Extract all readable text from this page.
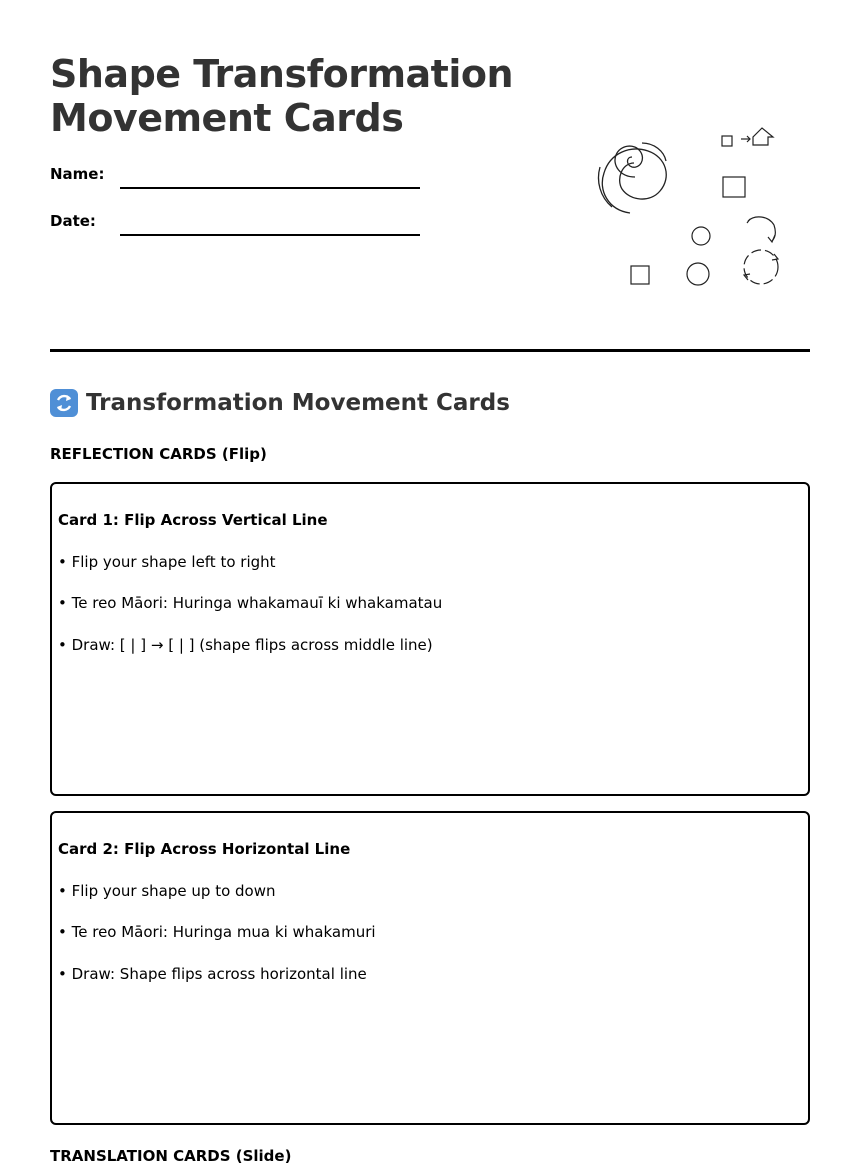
Shape Transformation
Movement Cards
Name:
Date:
Transformation Movement Cards
REFLECTION CARDS (Flip)
Card 1: Flip Across Vertical Line
• Flip your shape left to right
• Te reo Māori: Huringa whakamauī ki whakamatau
• Draw: [ | ] → [ | ] (shape flips across middle line)
Card 2: Flip Across Horizontal Line
• Flip your shape up to down
• Te reo Māori: Huringa mua ki whakamuri
• Draw: Shape flips across horizontal line
TRANSLATION CARDS (Slide)
